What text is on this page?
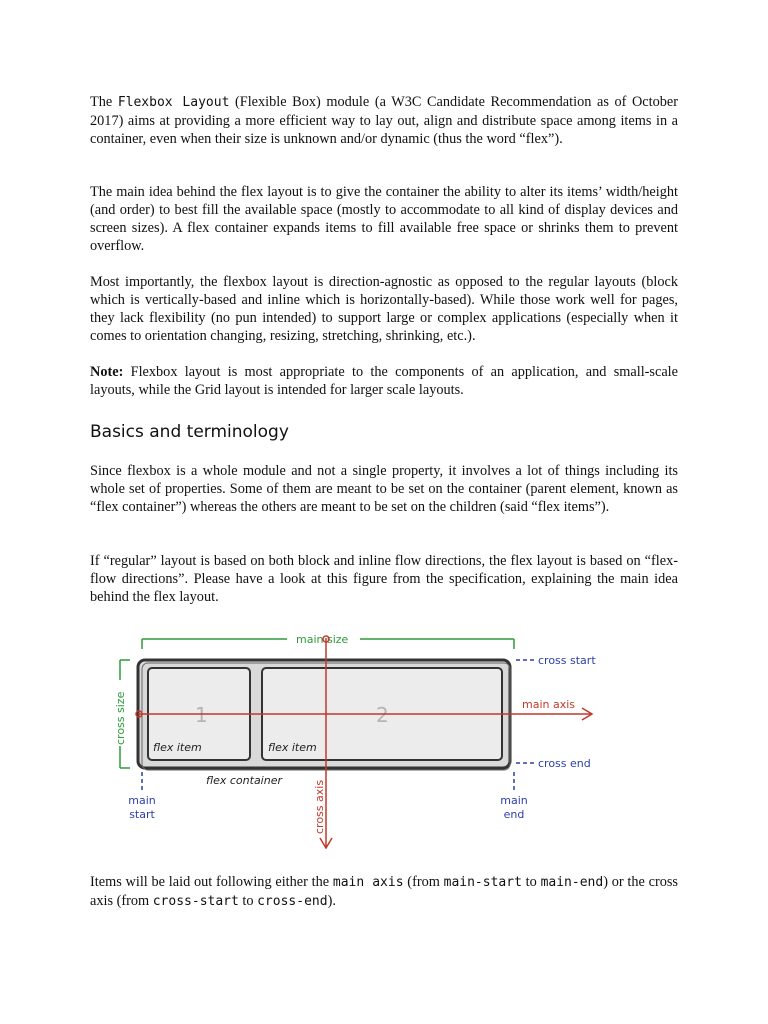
The Flexbox Layout (Flexible Box) module (a W3C Candidate Recommendation as of October 2017) aims at providing a more efficient way to lay out, align and distribute space among items in a container, even when their size is unknown and/or dynamic (thus the word “flex”).

The main idea behind the flex layout is to give the container the ability to alter its items’ width/height (and order) to best fill the available space (mostly to accommodate to all kind of display devices and screen sizes). A flex container expands items to fill available free space or shrinks them to prevent overflow.

Most importantly, the flexbox layout is direction-agnostic as opposed to the regular layouts (block which is vertically-based and inline which is horizontally-based). While those work well for pages, they lack flexibility (no pun intended) to support large or complex applications (especially when it comes to orientation changing, resizing, stretching, shrinking, etc.).

Note: Flexbox layout is most appropriate to the components of an application, and small-scale layouts, while the Grid layout is intended for larger scale layouts.

Basics and terminology

Since flexbox is a whole module and not a single property, it involves a lot of things including its whole set of properties. Some of them are meant to be set on the container (parent element, known as “flex container”) whereas the others are meant to be set on the children (said “flex items”).

If “regular” layout is based on both block and inline flow directions, the flex layout is based on “flex-flow directions”. Please have a look at this figure from the specification, explaining the main idea behind the flex layout.

main size
cross size	1	2
flex item	flex item
flex container
main axis
cross axis
cross start
cross end
main
start
main
end

Items will be laid out following either the main axis (from main-start to main-end) or the cross axis (from cross-start to cross-end).
